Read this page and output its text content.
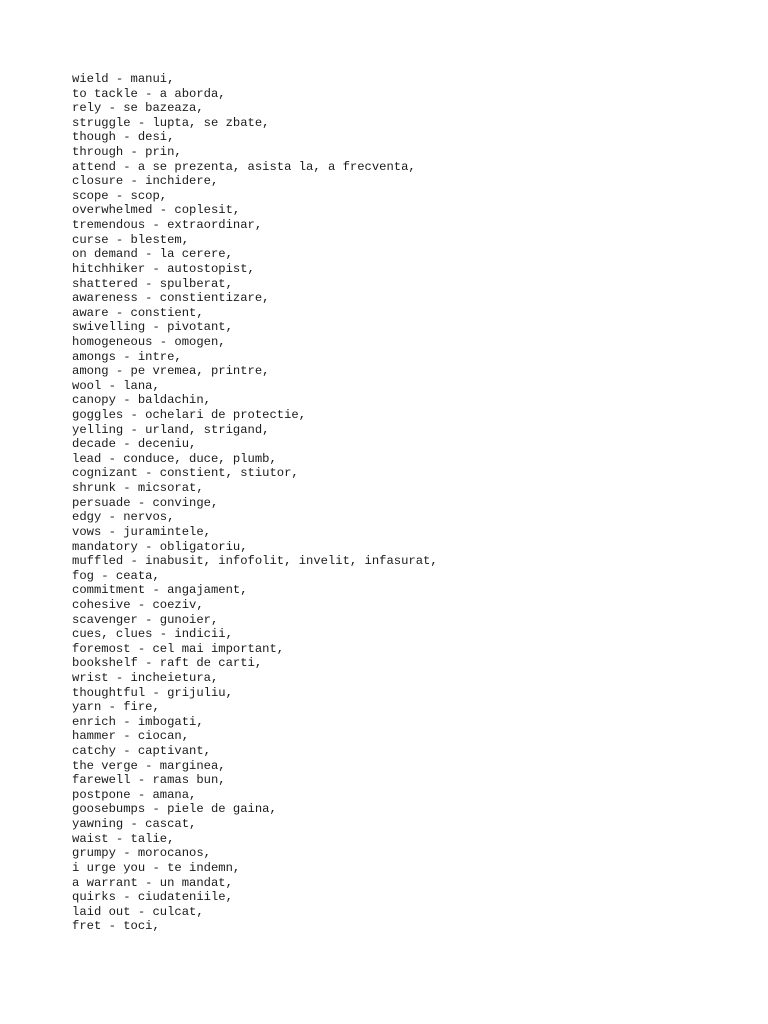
wield - manui,
to tackle - a aborda,
rely - se bazeaza,
struggle - lupta, se zbate,
though - desi,
through - prin,
attend - a se prezenta, asista la, a frecventa,
closure - inchidere,
scope - scop,
overwhelmed - coplesit,
tremendous - extraordinar,
curse - blestem,
on demand - la cerere,
hitchhiker - autostopist,
shattered - spulberat,
awareness - constientizare,
aware - constient,
swivelling - pivotant,
homogeneous - omogen,
amongs - intre,
among - pe vremea, printre,
wool - lana,
canopy - baldachin,
goggles - ochelari de protectie,
yelling - urland, strigand,
decade - deceniu,
lead - conduce, duce, plumb,
cognizant - constient, stiutor,
shrunk - micsorat,
persuade - convinge,
edgy - nervos,
vows - juramintele,
mandatory - obligatoriu,
muffled - inabusit, infofolit, invelit, infasurat,
fog - ceata,
commitment - angajament,
cohesive - coeziv,
scavenger - gunoier,
cues, clues - indicii,
foremost - cel mai important,
bookshelf - raft de carti,
wrist - incheietura,
thoughtful - grijuliu,
yarn - fire,
enrich - imbogati,
hammer - ciocan,
catchy - captivant,
the verge - marginea,
farewell - ramas bun,
postpone - amana,
goosebumps - piele de gaina,
yawning - cascat,
waist - talie,
grumpy - morocanos,
i urge you - te indemn,
a warrant - un mandat,
quirks - ciudateniile,
laid out - culcat,
fret - toci,
